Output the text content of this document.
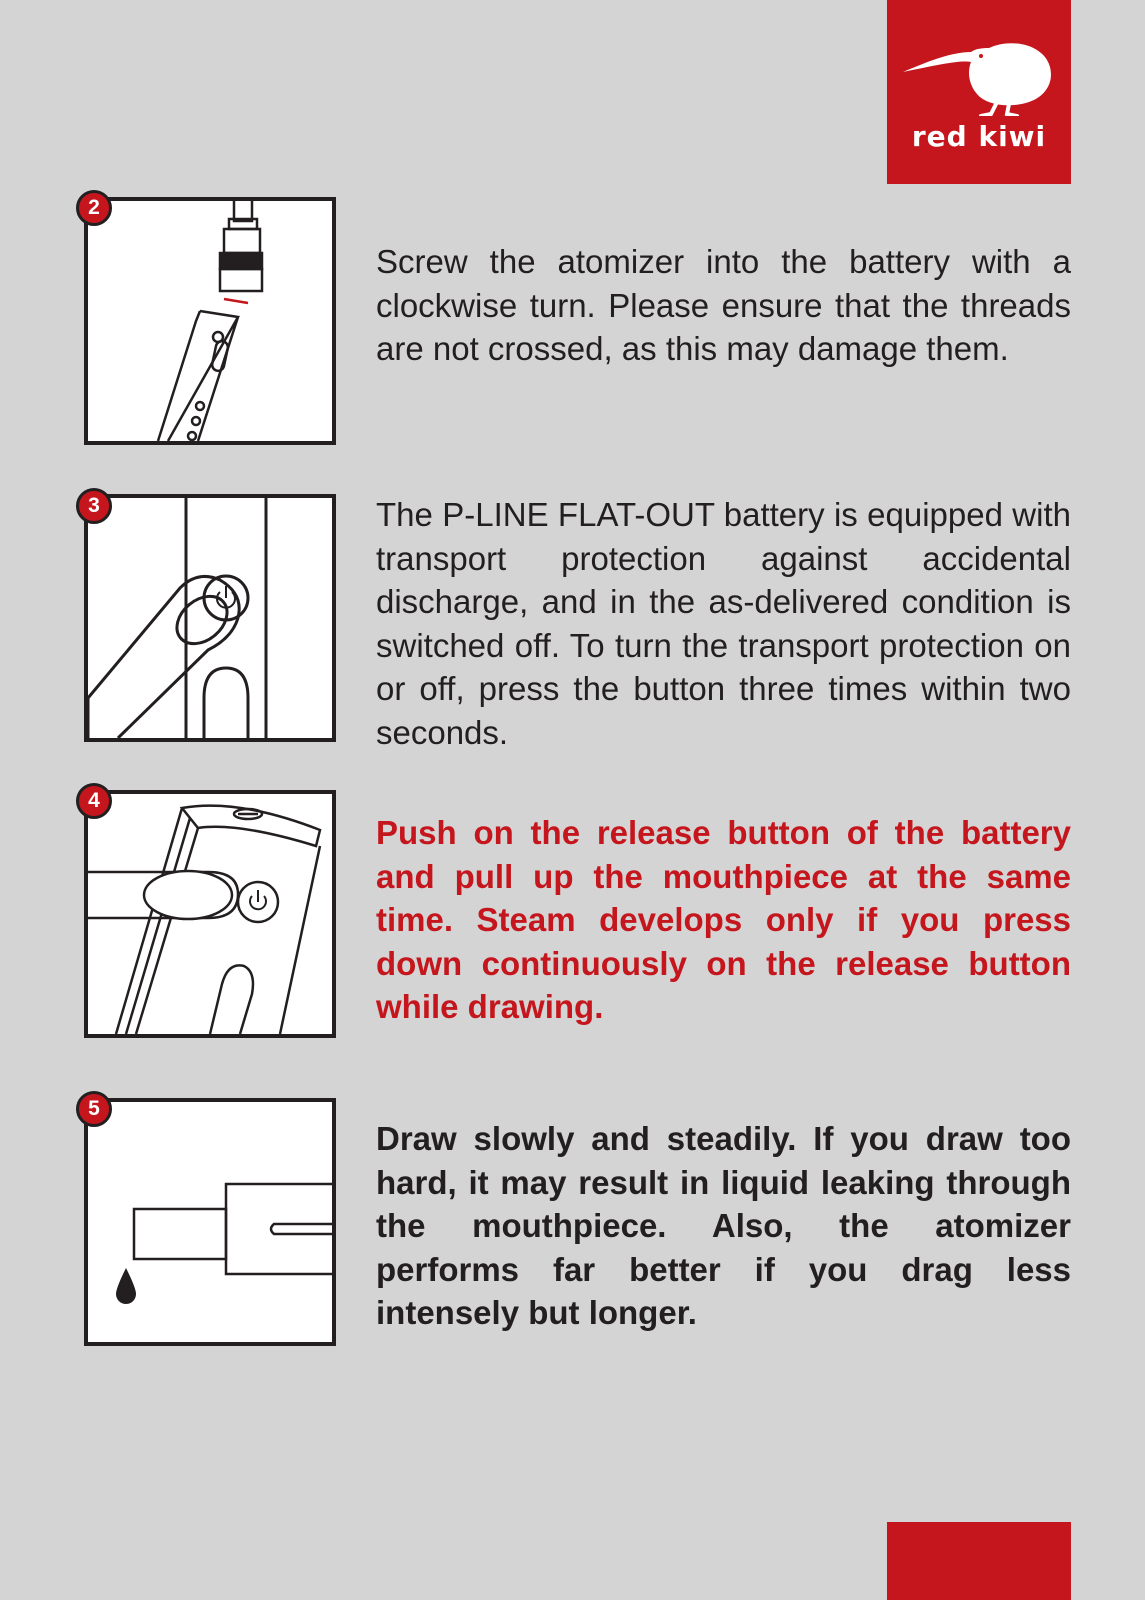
red kiwi
2
Screw the atomizer into the battery with a clockwise turn. Please ensure that the threads are not crossed, as this may damage them.
3	The P-LINE FLAT-OUT battery is equipped with transport protection against accidental discharge, and in the as-delivered condition is switched off. To turn the transport protection on or off, press the button three times within two seconds.
4
Push on the release button of the battery and pull up the mouthpiece at the same time. Steam develops only if you press down continuously on the release button while drawing.
5
Draw slowly and steadily. If you draw too hard, it may result in liquid leaking through the mouthpiece. Also, the atomizer performs far better if you drag less intensely but longer.
